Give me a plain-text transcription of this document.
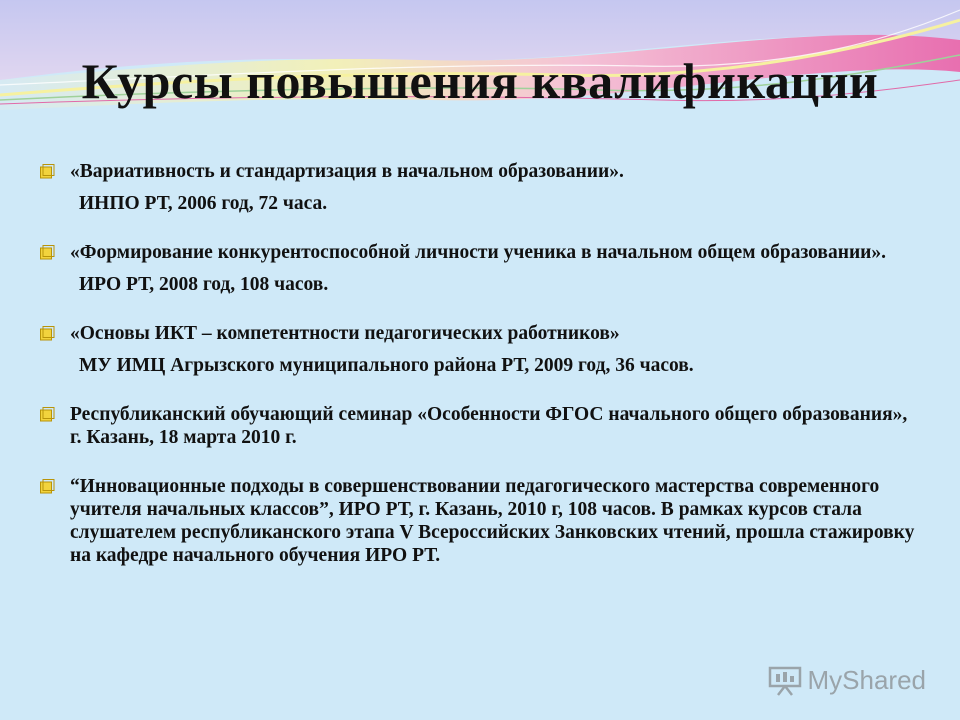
Курсы повышения квалификации
«Вариативность и стандартизация в начальном образовании».
ИНПО РТ, 2006 год, 72 часа.
«Формирование конкурентоспособной личности ученика в начальном общем образовании».
ИРО РТ, 2008 год, 108 часов.
«Основы ИКТ – компетентности педагогических работников»
МУ ИМЦ Агрызского муниципального района РТ, 2009 год, 36 часов.
Республиканский обучающий семинар «Особенности ФГОС начального общего образования», г. Казань, 18 марта 2010 г.
“Инновационные подходы в совершенствовании педагогического мастерства современного учителя начальных классов”, ИРО РТ, г. Казань, 2010 г, 108 часов. В рамках курсов стала слушателем республиканского этапа V Всероссийских Занковских чтений, прошла стажировку на кафедре начального обучения ИРО РТ.
MyShared
